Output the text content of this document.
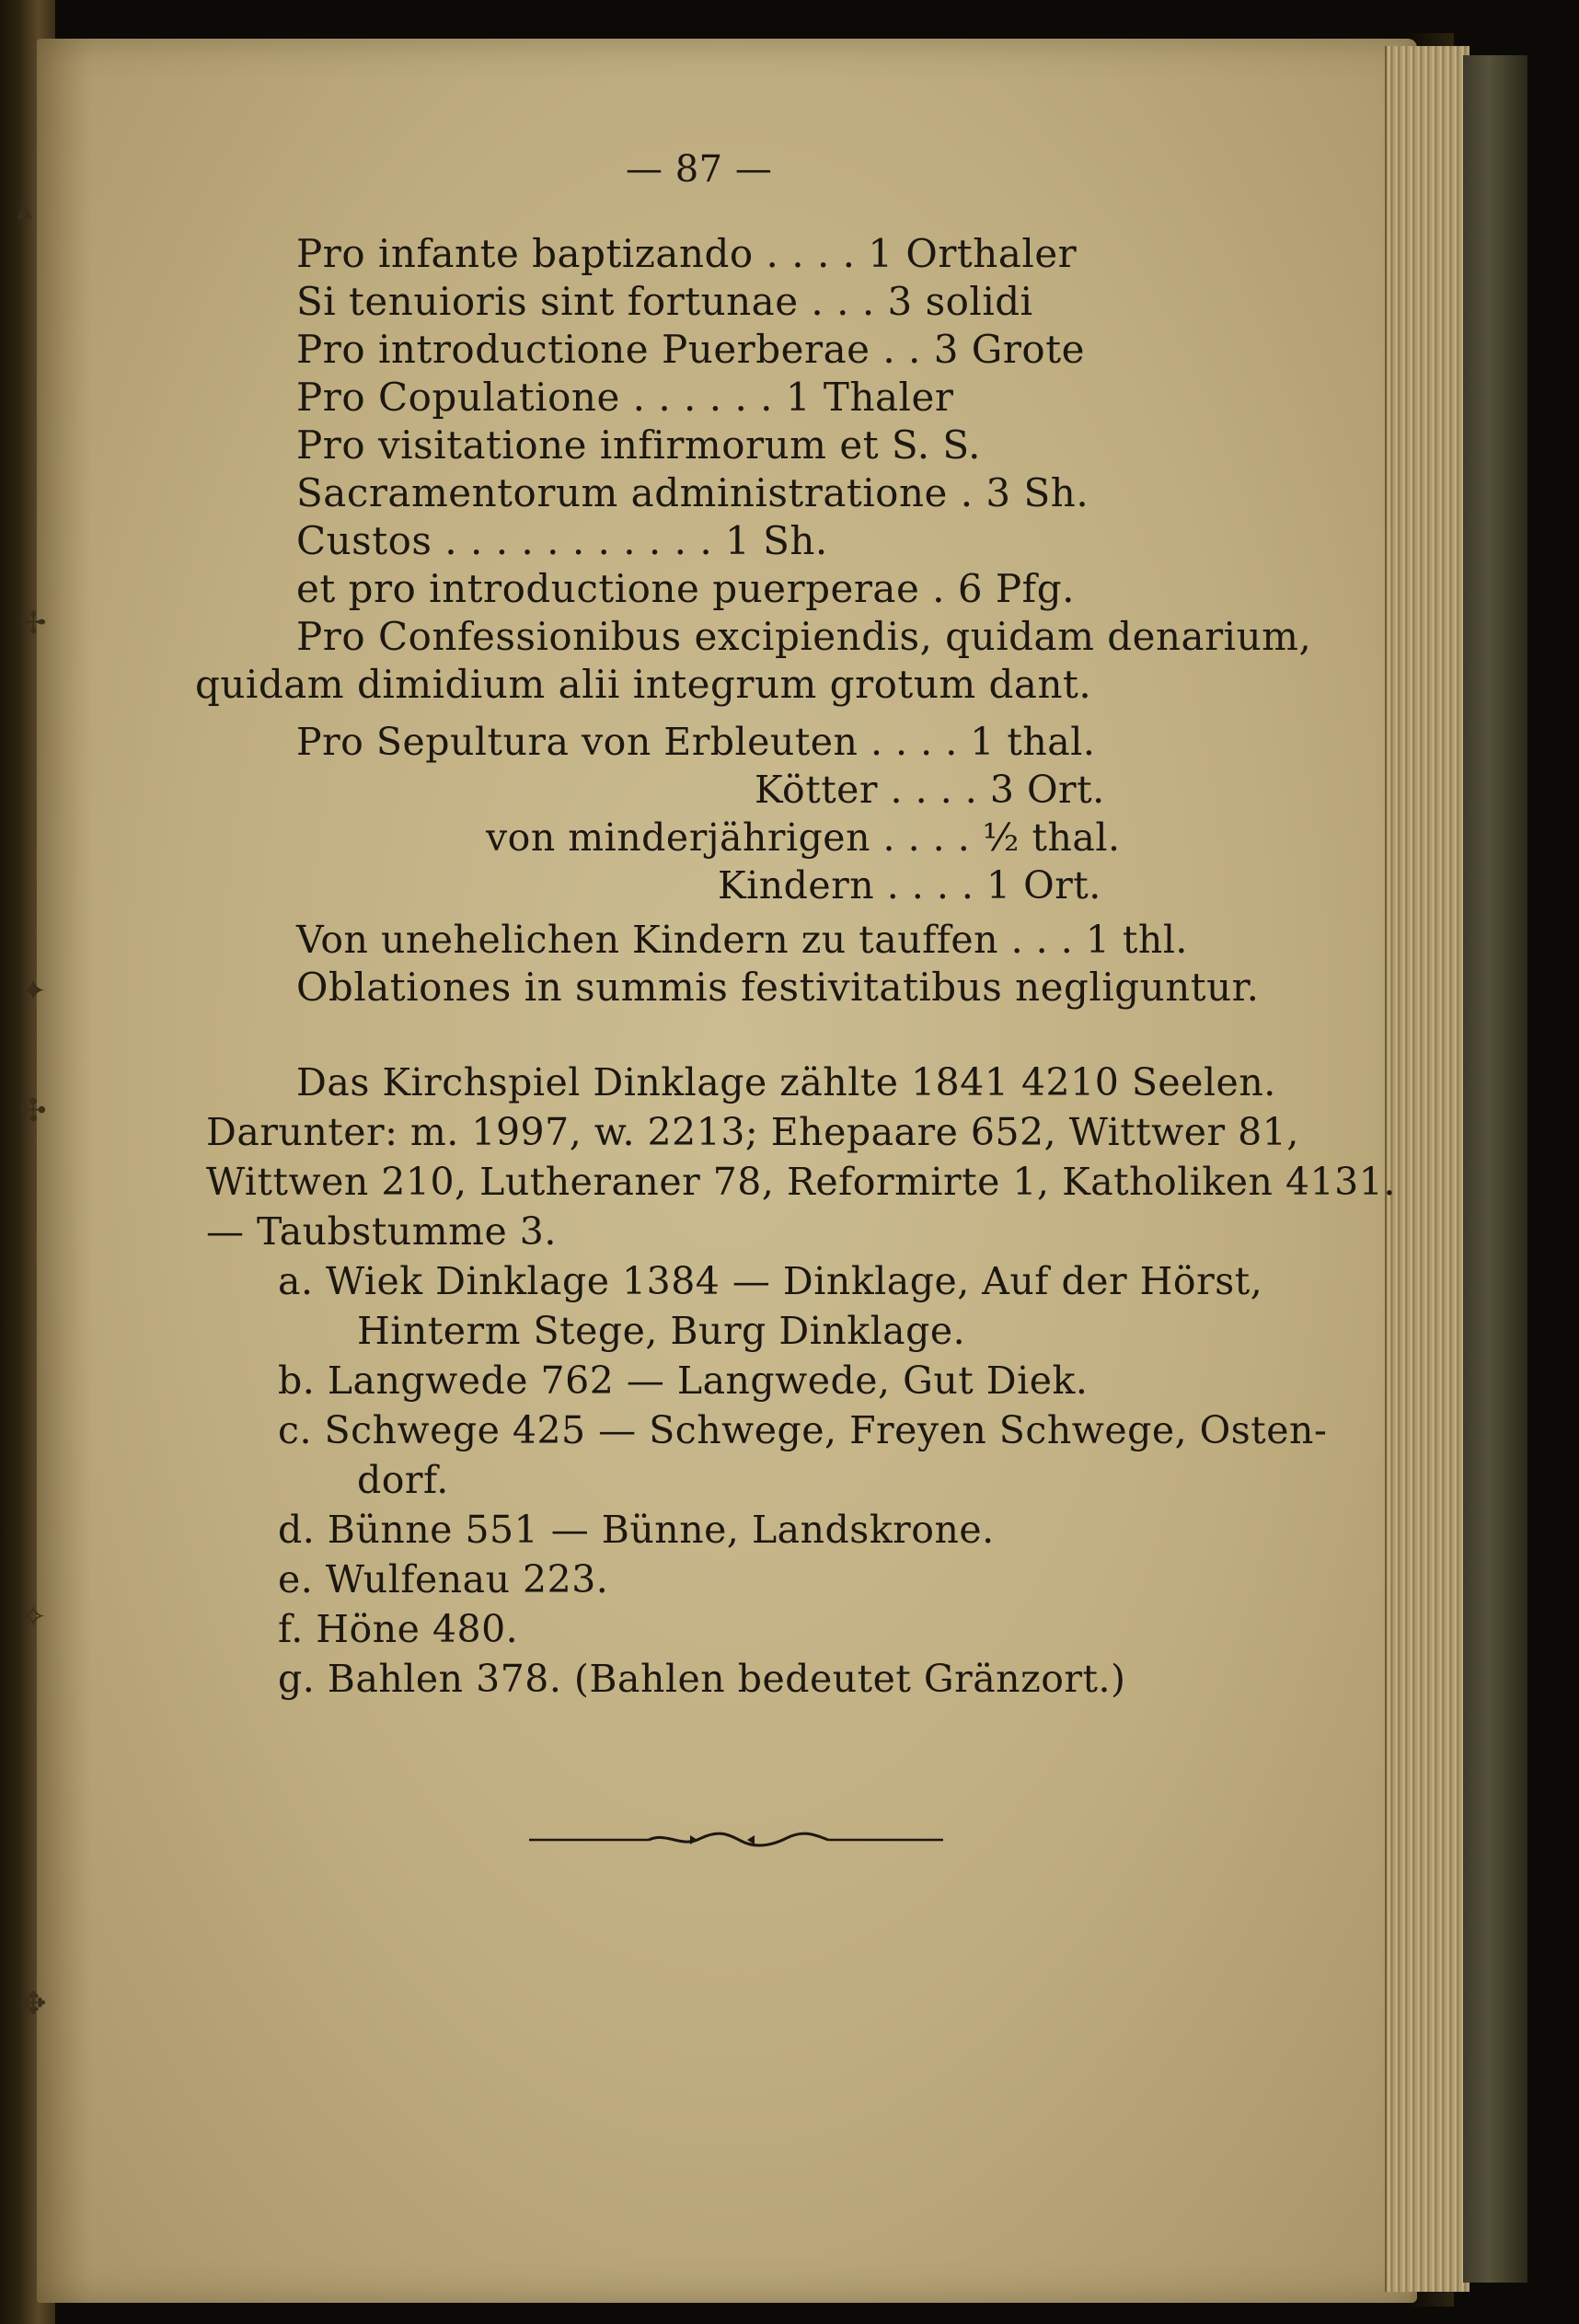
▴
✢
✦
✣
✧
✥
— 87 —
Pro infante baptizando . . . . 1 Orthaler
Si tenuioris sint fortunae . . . 3 solidi
Pro introductione Puerberae . . 3 Grote
Pro Copulatione . . . . . . 1 Thaler
Pro visitatione infirmorum et S. S.
Sacramentorum administratione . 3 Sh.
Custos . . . . . . . . . . . 1 Sh.
et pro introductione puerperae . 6 Pfg.
Pro Confessionibus excipiendis, quidam denarium,
quidam dimidium alii integrum grotum dant.
Pro Sepultura von Erbleuten . . . . 1 thal.
Kötter . . . . 3 Ort.
von minderjährigen . . . . ½ thal.
Kindern . . . . 1 Ort.
Von unehelichen Kindern zu tauffen . . . 1 thl.
Oblationes in summis festivitatibus negliguntur.
Das Kirchspiel Dinklage zählte 1841 4210 Seelen.
Darunter: m. 1997, w. 2213; Ehepaare 652, Wittwer 81,
Wittwen 210, Lutheraner 78, Reformirte 1, Katholiken 4131.
— Taubstumme 3.
a. Wiek Dinklage 1384 — Dinklage, Auf der Hörst,
Hinterm Stege, Burg Dinklage.
b. Langwede 762 — Langwede, Gut Diek.
c. Schwege 425 — Schwege, Freyen Schwege, Osten-
dorf.
d. Bünne 551 — Bünne, Landskrone.
e. Wulfenau 223.
f. Höne 480.
g. Bahlen 378. (Bahlen bedeutet Gränzort.)
